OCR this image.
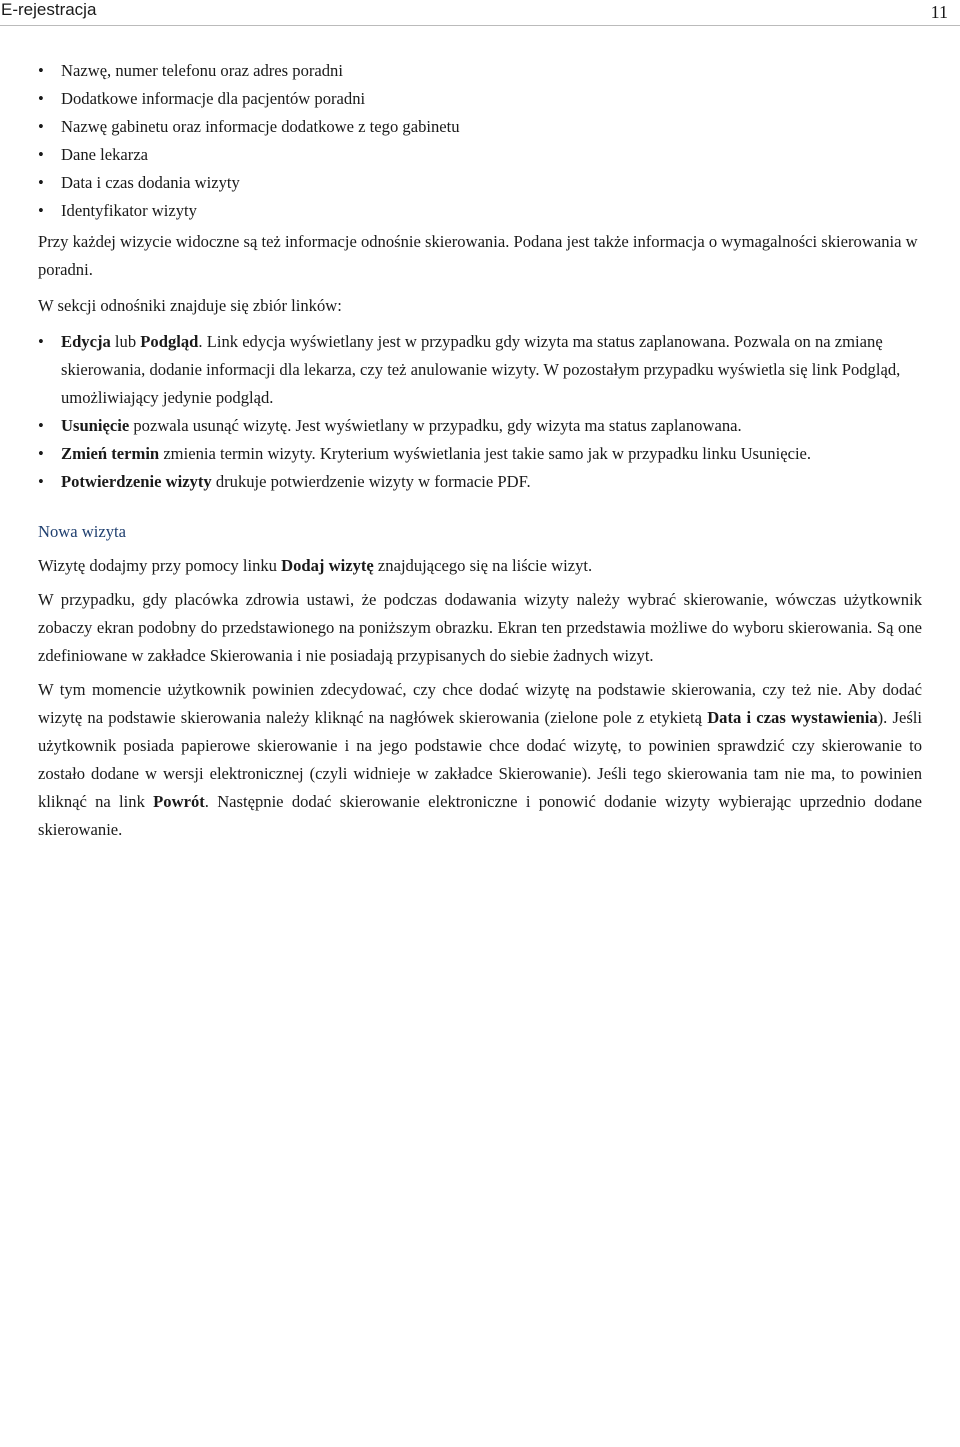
E-rejestracja	11
• Nazwę, numer telefonu oraz adres poradni
• Dodatkowe informacje dla pacjentów poradni
• Nazwę gabinetu oraz informacje dodatkowe z tego gabinetu
• Dane lekarza
• Data i czas dodania wizyty
• Identyfikator wizyty

Przy każdej wizycie widoczne są też informacje odnośnie skierowania. Podana jest także informacja o wymagalności skierowania w poradni.

W sekcji odnośniki znajduje się zbiór linków:

• Edycja lub Podgląd. Link edycja wyświetlany jest w przypadku gdy wizyta ma status zaplanowana. Pozwala on na zmianę skierowania, dodanie informacji dla lekarza, czy też anulowanie wizyty. W pozostałym przypadku wyświetla się link Podgląd, umożliwiający jedynie podgląd.
• Usunięcie pozwala usunąć wizytę. Jest wyświetlany w przypadku, gdy wizyta ma status zaplanowana.
• Zmień termin zmienia termin wizyty. Kryterium wyświetlania jest takie samo jak w przypadku linku Usunięcie.
• Potwierdzenie wizyty drukuje potwierdzenie wizyty w formacie PDF.

Nowa wizyta

Wizytę dodajmy przy pomocy linku Dodaj wizytę znajdującego się na liście wizyt.

W przypadku, gdy placówka zdrowia ustawi, że podczas dodawania wizyty należy wybrać skierowanie, wówczas użytkownik zobaczy ekran podobny do przedstawionego na poniższym obrazku. Ekran ten przedstawia możliwe do wyboru skierowania. Są one zdefiniowane w zakładce Skierowania i nie posiadają przypisanych do siebie żadnych wizyt.

W tym momencie użytkownik powinien zdecydować, czy chce dodać wizytę na podstawie skierowania, czy też nie. Aby dodać wizytę na podstawie skierowania należy kliknąć na nagłówek skierowania (zielone pole z etykietą Data i czas wystawienia). Jeśli użytkownik posiada papierowe skierowanie i na jego podstawie chce dodać wizytę, to powinien sprawdzić czy skierowanie to zostało dodane w wersji elektronicznej (czyli widnieje w zakładce Skierowanie). Jeśli tego skierowania tam nie ma, to powinien kliknąć na link Powrót. Następnie dodać skierowanie elektroniczne i ponowić dodanie wizyty wybierając uprzednio dodane skierowanie.
